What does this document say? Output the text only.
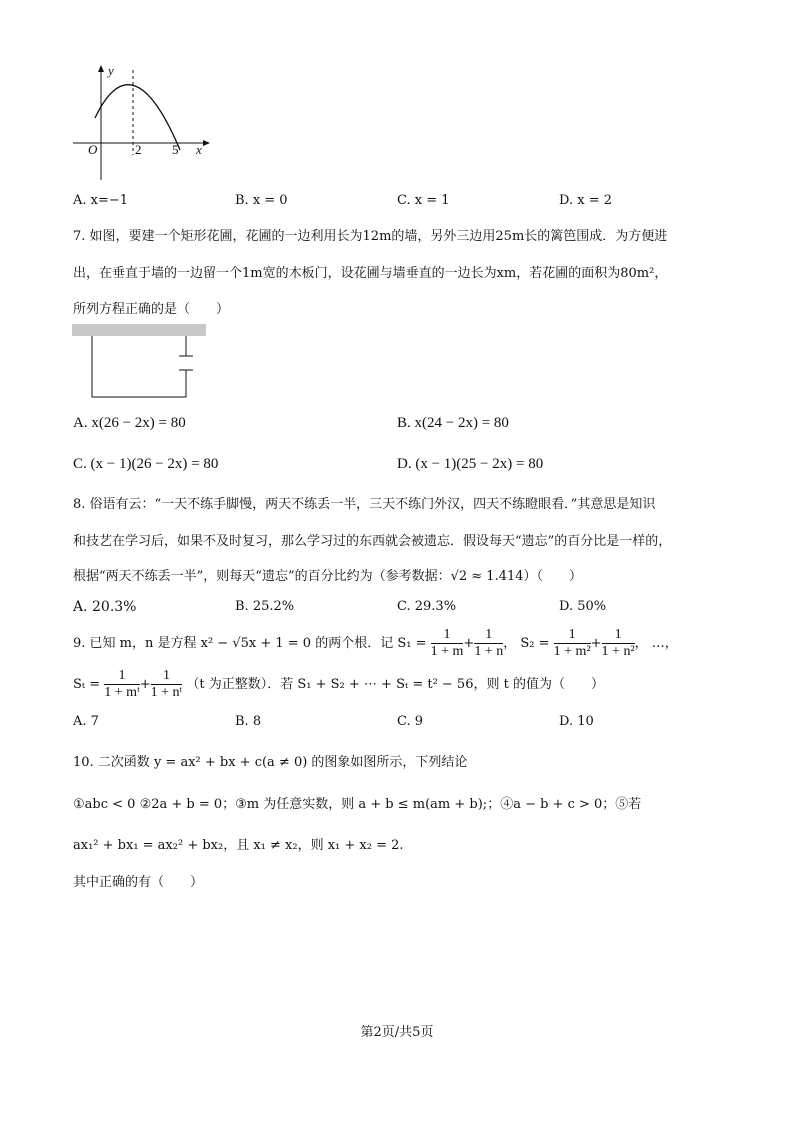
y
O	2 5 x
A. x=−1	B. x = 0	C. x = 1	D. x = 2
7. 如图，要建一个矩形花圃，花圃的一边利用长为12m的墙，另外三边用25m长的篱笆围成．为方便进
出，在垂直于墙的一边留一个1m宽的木板门，设花圃与墙垂直的一边长为xm，若花圃的面积为80m²，
所列方程正确的是（　　）
A. x(26 − 2x) = 80	B. x(24 − 2x) = 80
C. (x − 1)(26 − 2x) = 80	D. (x − 1)(25 − 2x) = 80
8. 俗语有云：“一天不练手脚慢，两天不练丢一半，三天不练门外汉，四天不练瞪眼看．”其意思是知识
和技艺在学习后，如果不及时复习，那么学习过的东西就会被遗忘．假设每天“遗忘”的百分比是一样的，
根据“两天不练丢一半”，则每天“遗忘”的百分比约为（参考数据：√2 ≈ 1.414）（　　）
A. 20.3%	B. 25.2%	C. 29.3%	D. 50%
9. 已知 m，n 是方程 x² − √5x + 1 = 0 的两个根．记 $S_1 = \frac{1}{1 + m} + \frac{1}{1 + n}$ ， $S_2 = \frac{1}{\text{1 + m²}} + \frac{1}{\text{1 + n²}}$ ， …，
$S_t = \frac{1}{\text{1 + mᵗ}} + \frac{1}{\text{1 + nᵗ}} (t$ 为正整数）．若 S₁ + S₂ + ⋯ + Sₜ = t² − 56，则 t 的值为（　　）
A. 7	B. 8	C. 9	D. 10
10. 二次函数 y = ax² + bx + c(a ≠ 0) 的图象如图所示，下列结论
①abc < 0 ②2a + b = 0；③m 为任意实数，则 a + b ≤ m(am + b);；④a − b + c > 0；⑤若
ax₁² + bx₁ = ax₂² + bx₂，且 x₁ ≠ x₂，则 x₁ + x₂ = 2.
其中正确的有（　　）
第2页/共5页
